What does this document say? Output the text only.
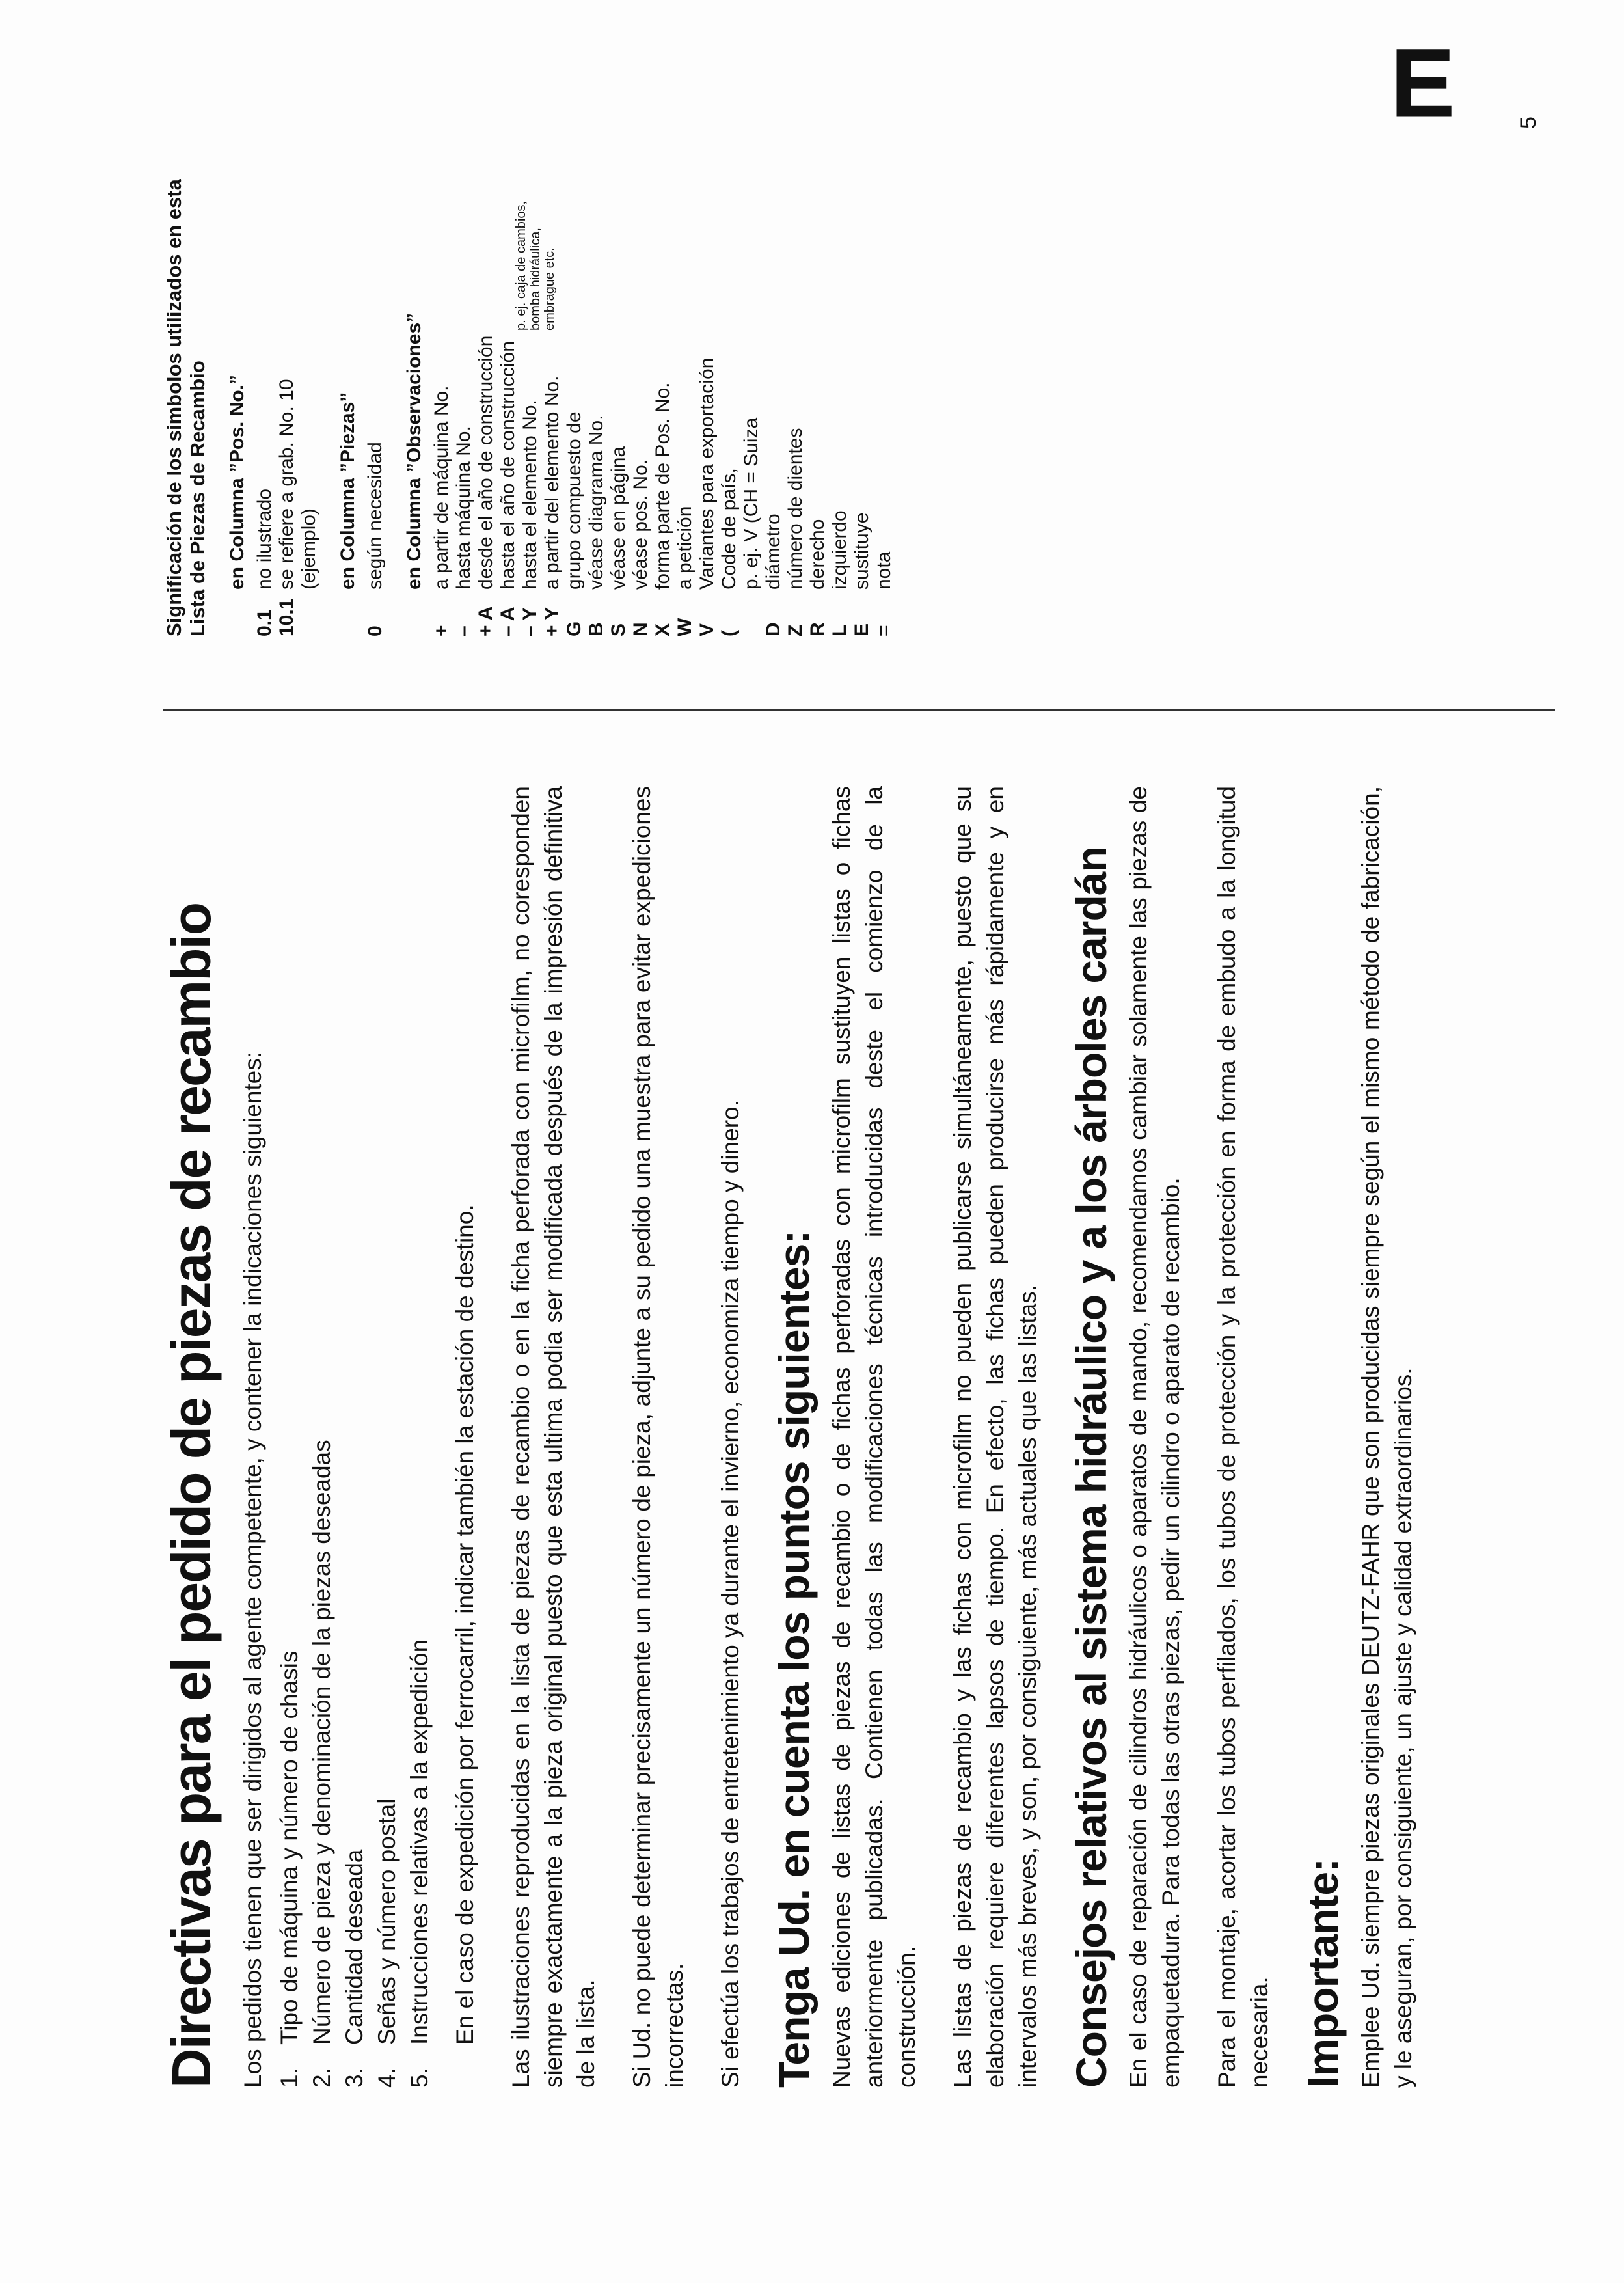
Directivas para el pedido de piezas de recambio Los pedidos tienen que ser dirigidos al agente competente, y contener la indicaciones siguientes: 1.
Tipo de máquina y número de chasis
2.
Número de pieza y denominación de la piezas deseadas
3.
Cantidad deseada
4.
Señas y número postal
5.
Instrucciones relativas a la expedición En el caso de expedición por ferrocarril, indicar también la estación de destino. Las ilustraciones reproducidas en la lista de piezas de recambio o en la ficha perforada con microfilm, no coresponden siempre exactamente a la pieza original puesto que esta ultima podia ser modificada después de la impresión definitiva de la lista. Si Ud. no puede determinar precisamente un número de pieza, adjunte a su pedido una muestra para evitar expediciones incorrectas. Si efectúa los trabajos de entretenimiento ya durante el invierno, economiza tiempo y dinero. Tenga Ud. en cuenta los puntos siguientes: Nuevas ediciones de listas de piezas de recambio o de fichas perforadas con microfilm sustituyen listas o fichas anteriormente publicadas. Contienen todas las modificaciones técnicas introducidas deste el comienzo de la construcción. Las listas de piezas de recambio y las fichas con microfilm no pueden publicarse simultáneamente, puesto que su elaboración requiere diferentes lapsos de tiempo. En efecto, las fichas pueden producirse más rápidamente y en intervalos más breves, y son, por consiguiente, más actuales que las listas. Consejos relativos al sistema hidráulico y a los árboles cardán En el caso de reparación de cilindros hidráulicos o aparatos de mando, recomendamos cambiar solamente las piezas de empaquetadura. Para todas las otras piezas, pedir un cilindro o aparato de recambio. Para el montaje, acortar los tubos perfilados, los tubos de protección y la protección en forma de embudo a la longitud necesaria. Importante: Emplee Ud. siempre piezas originales DEUTZ-FAHR que son producidas siempre según el mismo método de fabricación, y le aseguran, por consiguiente, un ajuste y calidad extraordinarios.

Significación de los simbolos utilizados en esta Lista de Piezas de Recambio en Columna ”Pos. No.”
0.1
no ilustrado
10.1
se refiere a grab. No. 10 (ejemplo) en Columna ”Piezas”
0
según necesidad en Columna ”Observaciones”
+
a partir de máquina No.
–
hasta máquina No.
+ A
desde el año de construcción
– A
hasta el año de construcción
– Y
hasta el elemento No.
+ Y
a partir del elemento No.
G
grupo compuesto de
B
véase diagrama No.
S
véase en página
N
véase pos. No.
X
forma parte de Pos. No.
W
a petición
V
Variantes para exportación
(
Code de país, p. ej. V (CH = Suiza
D
diámetro
Z
número de dientes
R
derecho
L
izquierdo
E
sustituye
=
nota
p. ej. caja de cambios, bomba hidráulica, embrague etc.
E	5
